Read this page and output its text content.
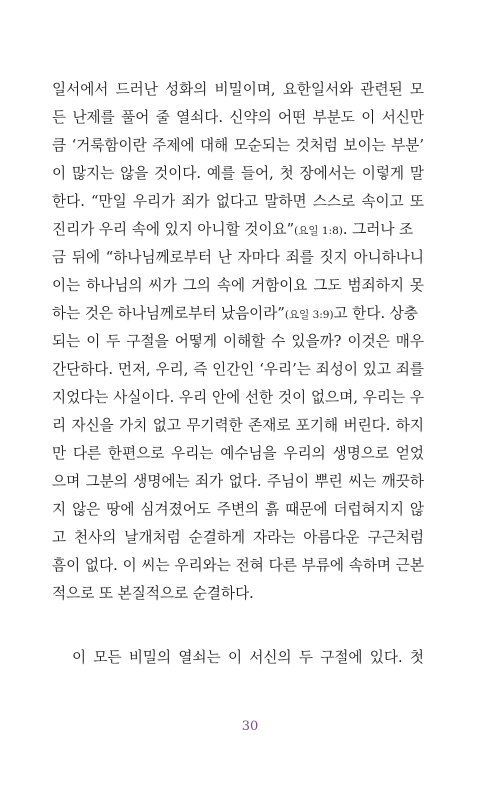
일서에서 드러난 성화의 비밀이며, 요한일서와 관련된 모
든 난제를 풀어 줄 열쇠다. 신약의 어떤 부분도 이 서신만
큼 ‘거룩함이란 주제에 대해 모순되는 것처럼 보이는 부분’
이 많지는 않을 것이다. 예를 들어, 첫 장에서는 이렇게 말
한다. “만일 우리가 죄가 없다고 말하면 스스로 속이고 또
진리가 우리 속에 있지 아니할 것이요”(요일 1:8). 그러나 조
금 뒤에 “하나님께로부터 난 자마다 죄를 짓지 아니하나니
이는 하나님의 씨가 그의 속에 거함이요 그도 범죄하지 못
하는 것은 하나님께로부터 났음이라”(요일 3:9)고 한다. 상충
되는 이 두 구절을 어떻게 이해할 수 있을까? 이것은 매우
간단하다. 먼저, 우리, 즉 인간인 ‘우리’는 죄성이 있고 죄를
지었다는 사실이다. 우리 안에 선한 것이 없으며, 우리는 우
리 자신을 가치 없고 무기력한 존재로 포기해 버린다. 하지
만 다른 한편으로 우리는 예수님을 우리의 생명으로 얻었
으며 그분의 생명에는 죄가 없다. 주님이 뿌린 씨는 깨끗하
지 않은 땅에 심겨졌어도 주변의 흙 때문에 더럽혀지지 않
고 천사의 날개처럼 순결하게 자라는 아름다운 구근처럼
흠이 없다. 이 씨는 우리와는 전혀 다른 부류에 속하며 근본
적으로 또 본질적으로 순결하다.
이 모든 비밀의 열쇠는 이 서신의 두 구절에 있다. 첫
30
